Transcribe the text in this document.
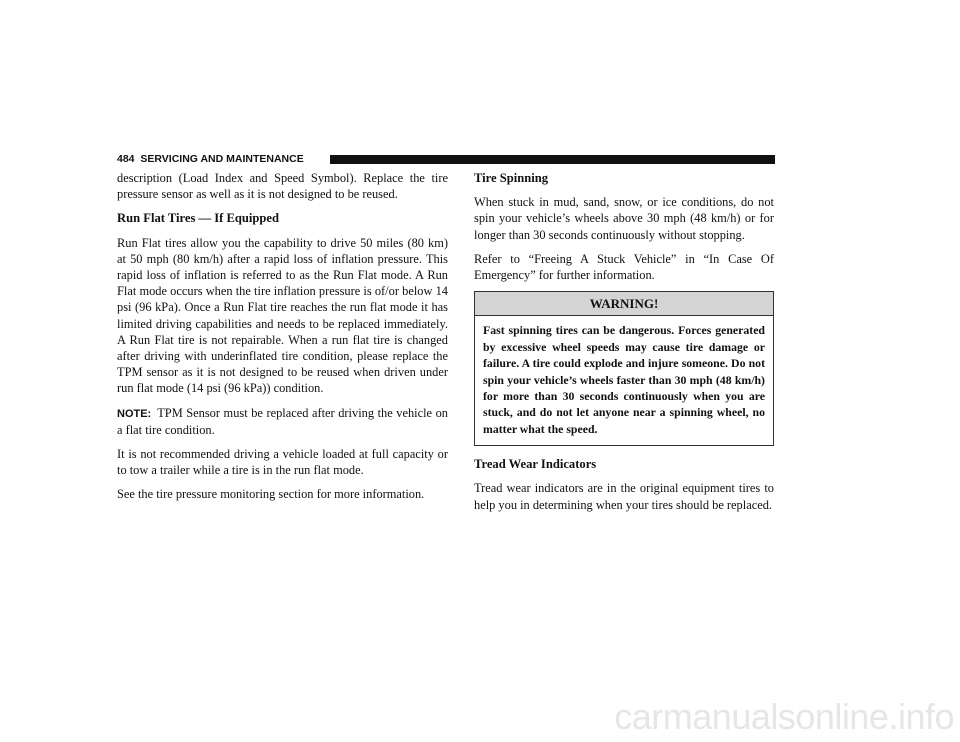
484 SERVICING AND MAINTENANCE

description (Load Index and Speed Symbol). Replace the tire pressure sensor as well as it is not designed to be reused.

Run Flat Tires — If Equipped

Run Flat tires allow you the capability to drive 50 miles (80 km) at 50 mph (80 km/h) after a rapid loss of inflation pressure. This rapid loss of inflation is referred to as the Run Flat mode. A Run Flat mode occurs when the tire inflation pressure is of/or below 14 psi (96 kPa). Once a Run Flat tire reaches the run flat mode it has limited driving capabilities and needs to be replaced immediately. A Run Flat tire is not repairable. When a run flat tire is changed after driving with underinflated tire condition, please replace the TPM sensor as it is not designed to be reused when driven under run flat mode (14 psi (96 kPa)) condition.

NOTE: TPM Sensor must be replaced after driving the vehicle on a flat tire condition.

It is not recommended driving a vehicle loaded at full capacity or to tow a trailer while a tire is in the run flat mode.

See the tire pressure monitoring section for more information.

Tire Spinning

When stuck in mud, sand, snow, or ice conditions, do not spin your vehicle’s wheels above 30 mph (48 km/h) or for longer than 30 seconds continuously without stopping.

Refer to “Freeing A Stuck Vehicle” in “In Case Of Emergency” for further information.

WARNING!
Fast spinning tires can be dangerous. Forces generated by excessive wheel speeds may cause tire damage or failure. A tire could explode and injure someone. Do not spin your vehicle’s wheels faster than 30 mph (48 km/h) for more than 30 seconds continuously when you are stuck, and do not let anyone near a spinning wheel, no matter what the speed.
Tread Wear Indicators

Tread wear indicators are in the original equipment tires to help you in determining when your tires should be replaced.

carmanualsonline.info
